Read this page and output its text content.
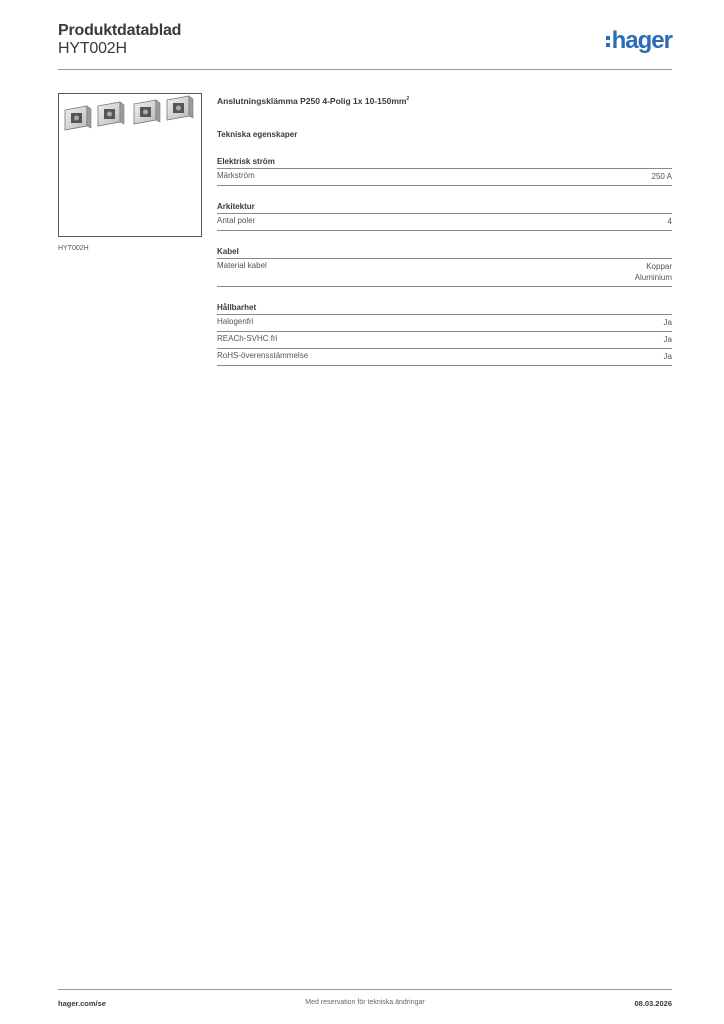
Produktdatablad
HYT002H	hager
HYT002H
Anslutningsklämma P250 4-Polig 1x $10-150mm^2$
Tekniska egenskaper
Elektrisk ström
Märkström	250 A
Arkitektur
Antal poler	4
Kabel
Material kabel	Koppar
Aluminium
Hållbarhet
Halogenfri	Ja
REACh-SVHC fri	Ja
RoHS-överensstämmelse	Ja
hager.com/se	Med reservation för tekniska ändringar	08.03.2026
